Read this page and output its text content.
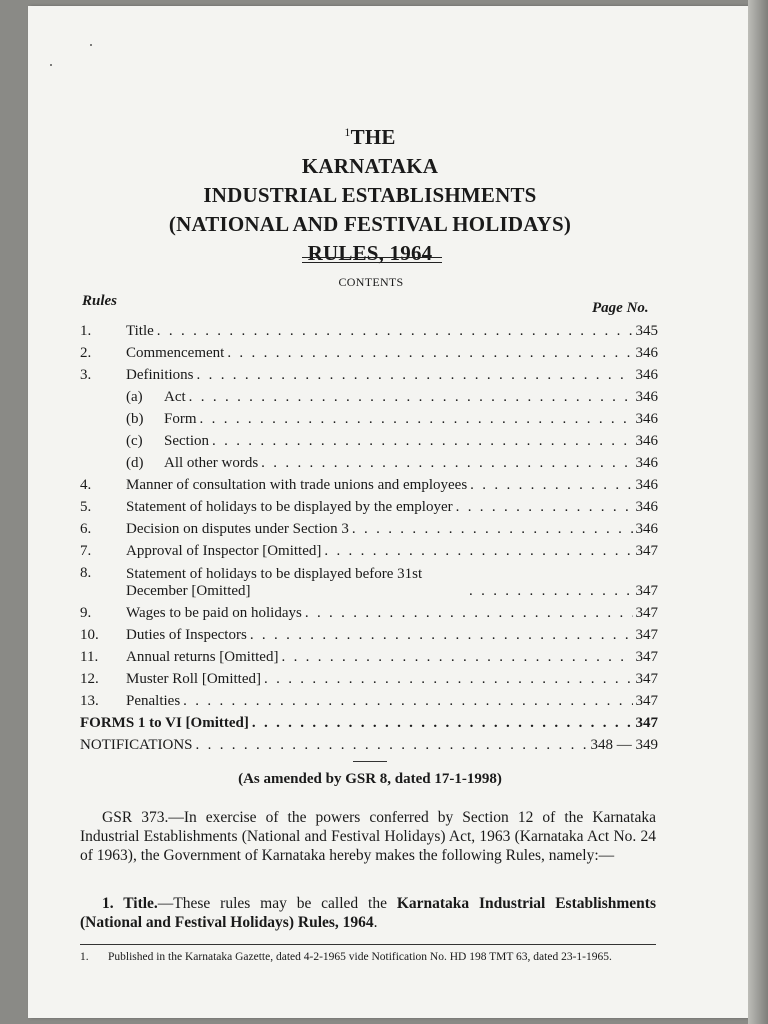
$^1$THE
KARNATAKA
INDUSTRIAL ESTABLISHMENTS
(NATIONAL AND FESTIVAL HOLIDAYS)
RULES, 1964
CONTENTS
Rules	Page No.
1.	Title . . .	345
2.	Commencement . . .	346
3.	Definitions . . .	346
(a)	Act . . .	346
(b)	Form . . .	346
(c)	Section . . .	346
(d)	All other words . . .	346
4.	Manner of consultation with trade unions and employees . . .	346
5.	Statement of holidays to be displayed by the employer . . .	346
6.	Decision on disputes under Section 3 . . .	346
7.	Approval of Inspector [Omitted] . . .	347
8.	Statement of holidays to be displayed before 31st December [Omitted] . . .	347
9.	Wages to be paid on holidays . . .	347
10.	Duties of Inspectors . . .	347
11.	Annual returns [Omitted] . . .	347
12.	Muster Roll [Omitted] . . .	347
13.	Penalties . . .	347
FORMS 1 to VI [Omitted] . . .	347
NOTIFICATIONS . . .	348 — 349
(As amended by GSR 8, dated 17-1-1998)
GSR 373.—In exercise of the powers conferred by Section 12 of the Karnataka Industrial Establishments (National and Festival Holidays) Act, 1963 (Karnataka Act No. 24 of 1963), the Government of Karnataka hereby makes the following Rules, namely:—
1. Title.—These rules may be called the Karnataka Industrial Establishments (National and Festival Holidays) Rules, 1964.
1.	Published in the Karnataka Gazette, dated 4-2-1965 vide Notification No. HD 198 TMT 63, dated 23-1-1965.
